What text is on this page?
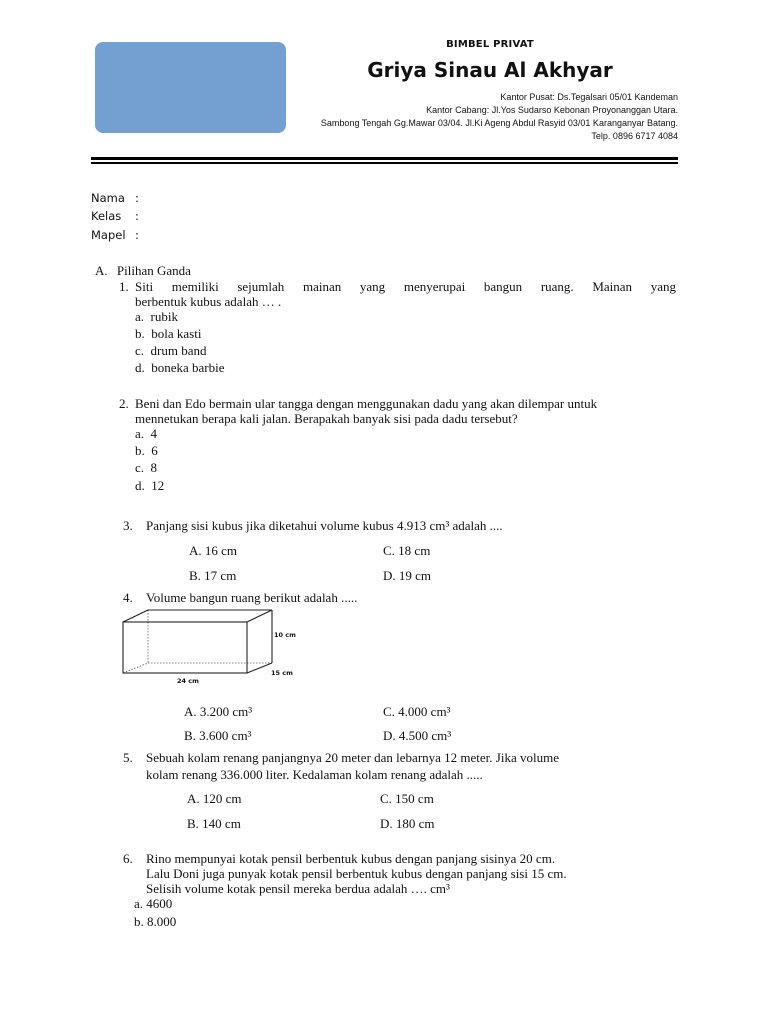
BIMBEL PRIVAT
Griya Sinau Al Akhyar
Kantor Pusat: Ds.Tegalsari 05/01 Kandeman
Kantor Cabang: Jl.Yos Sudarso Kebonan Proyonanggan Utara.
Sambong Tengah Gg.Mawar 03/04. Jl.Ki Ageng Abdul Rasyid 03/01 Karanganyar Batang.
Telp. 0896 6717 4084
Nama :
Kelas :
Mapel :
A. Pilihan Ganda
1. Siti memiliki sejumlah mainan yang menyerupai bangun ruang. Mainan yang
berbentuk kubus adalah … .
a. rubik
b. bola kasti
c. drum band
d. boneka barbie
2. Beni dan Edo bermain ular tangga dengan menggunakan dadu yang akan dilempar untuk
mennetukan berapa kali jalan. Berapakah banyak sisi pada dadu tersebut?
a. 4
b. 6
c. 8
d. 12
3. Panjang sisi kubus jika diketahui volume kubus 4.913 cm³ adalah ....
A. 16 cm	C. 18 cm
B. 17 cm	D. 19 cm
4. Volume bangun ruang berikut adalah .....
10 cm
15 cm
24 cm
A. 3.200 cm³	C. 4.000 cm³
B. 3.600 cm³	D. 4.500 cm³
5. Sebuah kolam renang panjangnya 20 meter dan lebarnya 12 meter. Jika volume
kolam renang 336.000 liter. Kedalaman kolam renang adalah .....
A. 120 cm	C. 150 cm
B. 140 cm	D. 180 cm
6. Rino mempunyai kotak pensil berbentuk kubus dengan panjang sisinya 20 cm.
Lalu Doni juga punyak kotak pensil berbentuk kubus dengan panjang sisi 15 cm.
Selisih volume kotak pensil mereka berdua adalah …. cm³
a. 4600
b. 8.000
